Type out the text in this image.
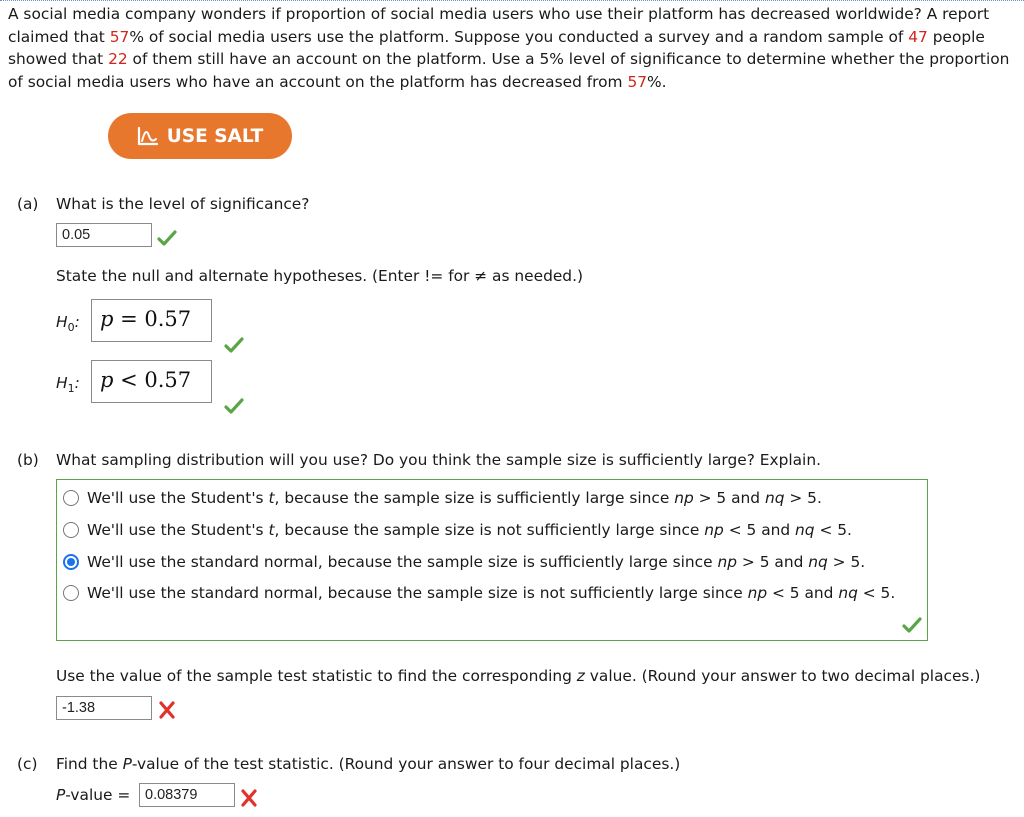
A social media company wonders if proportion of social media users who use their platform has decreased worldwide? A report claimed that 57% of social media users use the platform. Suppose you conducted a survey and a random sample of 47 people showed that 22 of them still have an account on the platform. Use a 5% level of significance to determine whether the proportion of social media users who have an account on the platform has decreased from 57%.
USE SALT
(a) What is the level of significance?
0.05
State the null and alternate hypotheses. (Enter != for ≠ as needed.)
$H_0$: p = 0.57
$H_1$: p < 0.57
(b) What sampling distribution will you use? Do you think the sample size is sufficiently large? Explain.
We'll use the Student's t, because the sample size is sufficiently large since np > 5 and nq > 5.
We'll use the Student's t, because the sample size is not sufficiently large since np < 5 and nq < 5.
We'll use the standard normal, because the sample size is sufficiently large since np > 5 and nq > 5.
We'll use the standard normal, because the sample size is not sufficiently large since np < 5 and nq < 5.
Use the value of the sample test statistic to find the corresponding z value. (Round your answer to two decimal places.)
-1.38
(c) Find the P-value of the test statistic. (Round your answer to four decimal places.)
P-value =	0.08379
